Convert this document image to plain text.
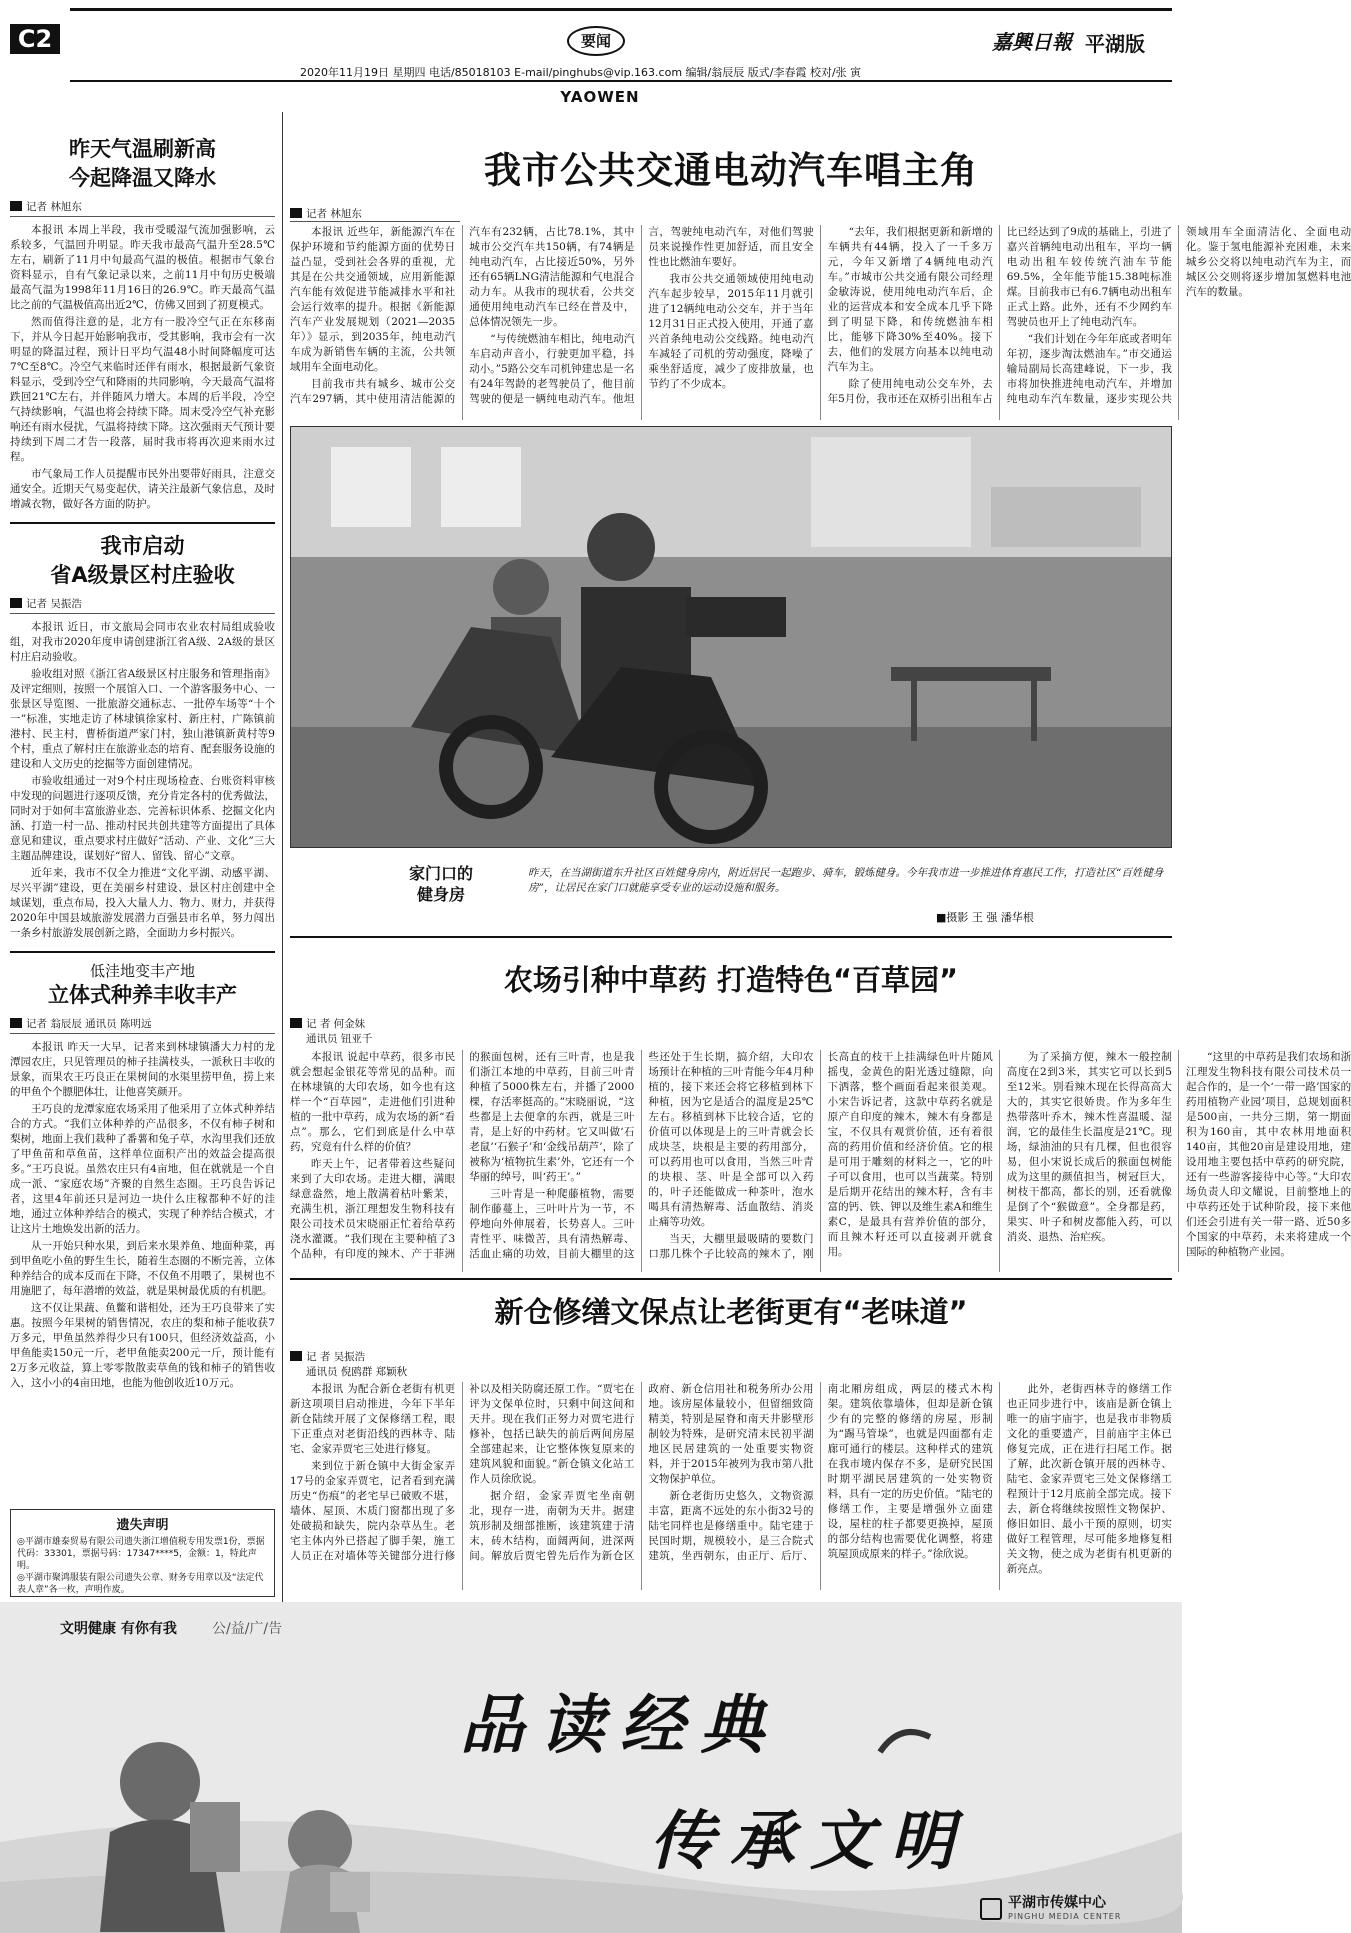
C2	要闻	嘉興日報 平湖版
2020年11月19日 星期四 电话/85018103 E-mail/pinghubs@vip.163.com 编辑/翁辰辰 版式/李春霞 校对/张 寅
YAOWEN
昨天气温刷新高
今起降温又降水
记者 林旭东

本报讯 本周上半段，我市受暖湿气流加强影响，云系较多，气温回升明显。昨天我市最高气温升至28.5℃左右，刷新了11月中旬最高气温的极值。根据市气象台资料显示，自有气象记录以来，之前11月中旬历史极端最高气温为1998年11月16日的26.9℃。昨天最高气温比之前的气温极值高出近2℃，仿佛又回到了初夏模式。

然而值得注意的是，北方有一股冷空气正在东移南下，并从今日起开始影响我市，受其影响，我市会有一次明显的降温过程，预计日平均气温48小时间降幅度可达7℃至8℃。冷空气来临时还伴有雨水，根据最新气象资料显示，受到冷空气和降雨的共同影响，今天最高气温将跌回21℃左右，并伴随风力增大。本周的后半段，冷空气持续影响，气温也将会持续下降。周末受冷空气补充影响还有雨水侵扰，气温将持续下降。这次强雨天气预计要持续到下周二才告一段落，届时我市将再次迎来雨水过程。

市气象局工作人员提醒市民外出要带好雨具，注意交通安全。近期天气易变起伏，请关注最新气象信息，及时增减衣物，做好各方面的防护。

我市启动
省A级景区村庄验收
记者 吴振浩

本报讯 近日，市文旅局会同市农业农村局组成验收组，对我市2020年度申请创建浙江省A级、2A级的景区村庄启动验收。

验收组对照《浙江省A级景区村庄服务和管理指南》及评定细则，按照一个展馆入口、一个游客服务中心、一张景区导览图、一批旅游交通标志、一批停车场等“十个一”标准，实地走访了林埭镇徐家村、新庄村，广陈镇前港村、民主村，曹桥街道严家门村，独山港镇新黄村等9个村，重点了解村庄在旅游业态的培育、配套服务设施的建设和人文历史的挖掘等方面创建情况。

市验收组通过一对9个村庄现场检查、台账资料审核中发现的问题进行逐项反馈，充分肯定各村的优秀做法，同时对于如何丰富旅游业态、完善标识体系、挖掘文化内涵、打造一村一品、推动村民共创共建等方面提出了具体意见和建议，重点要求村庄做好“活动、产业、文化”三大主题品牌建设，谋划好“留人、留钱、留心”文章。

近年来，我市不仅全力推进“文化平湖、动感平湖、尽兴平湖”建设，更在美丽乡村建设、景区村庄创建中全域谋划，重点布局，投入大量人力、物力、财力，并获得2020年中国县域旅游发展潜力百强县市名单，努力闯出一条乡村旅游发展创新之路，全面助力乡村振兴。

低洼地变丰产地
立体式种养丰收丰产
记者 翁辰辰 通讯员 陈明远

本报讯 昨天一大早，记者来到林埭镇潘大力村的龙潭园农庄，只见管理员的柿子挂满枝头，一派秋日丰收的景象，而果农王巧良正在果树间的水渠里捞甲鱼，捞上来的甲鱼个个膘肥体壮，让他喜笑颜开。

王巧良的龙潭家庭农场采用了他采用了立体式种养结合的方式。“我们立体种养的产品很多，不仅有柿子树和梨树，地面上我们栽种了番薯和兔子草，水沟里我们还放了甲鱼苗和草鱼苗，这样单位面积产出的效益会提高很多。”王巧良说。虽然农庄只有4亩地，但在就就是一个自成一派、“家庭农场”齐聚的自然生态圈。王巧良告诉记者，这里4年前还只是河边一块什么庄稼都种不好的洼地，通过立体种养结合的模式，实现了种养结合模式，才让这片土地焕发出新的活力。

从一开始只种水果，到后来水果养鱼、地面种菜，再到甲鱼吃小鱼的野生生长，随着生态圈的不断完善，立体种养结合的成本反而在下降，不仅鱼不用喂了，果树也不用施肥了，每年潜增的效益，就是果树最优质的有机肥。

这不仅让果蔬、鱼鳖和谐相处，还为王巧良带来了实惠。按照今年果树的销售情况，农庄的梨和柿子能收获7万多元，甲鱼虽然养得少只有100只，但经济效益高，小甲鱼能卖150元一斤，老甲鱼能卖200元一斤，预计能有2万多元收益，算上零零散散卖草鱼的钱和柿子的销售收入，这小小的4亩田地，也能为他创收近10万元。

遗失声明
◎平湖市雄泰贸易有限公司遗失浙江增值税专用发票1份，票据代码：33301，票据号码：17347****5，金额：1，特此声明。
◎平湖市聚鸿服装有限公司遗失公章、财务专用章以及“法定代表人章”各一枚，声明作废。
我市公共交通电动汽车唱主角
记者 林旭东

本报讯 近些年，新能源汽车在保护环境和节约能源方面的优势日益凸显，受到社会各界的重视，尤其是在公共交通领域，应用新能源汽车能有效促进节能减排水平和社会运行效率的提升。根据《新能源汽车产业发展规划（2021—2035年）》显示，到2035年，纯电动汽车成为新销售车辆的主流，公共领域用车全面电动化。

目前我市共有城乡、城市公交汽车297辆，其中使用清洁能源的汽车有232辆，占比78.1%，其中城市公交汽车共150辆，有74辆是纯电动汽车，占比接近50%，另外还有65辆LNG清洁能源和气电混合动力车。从我市的现状看，公共交通使用纯电动汽车已经在普及中，总体情况领先一步。

“与传统燃油车相比，纯电动汽车启动声音小，行驶更加平稳，抖动小。”5路公交车司机钟建忠是一名有24年驾龄的老驾驶员了，他目前驾驶的便是一辆纯电动汽车。他坦言，驾驶纯电动汽车，对他们驾驶员来说操作性更加舒适，而且安全性也比燃油车要好。

我市公共交通领域使用纯电动汽车起步较早，2015年11月就引进了12辆纯电动公交车，并于当年12月31日正式投入使用，开通了嘉兴首条纯电动公交线路。纯电动汽车减轻了司机的劳动强度，降噪了乘坐舒适度，减少了废排放量，也节约了不少成本。

“去年，我们根据更新和新增的车辆共有44辆，投入了一千多万元，今年又新增了4辆纯电动汽车。”市城市公共交通有限公司经理金敏涛说，使用纯电动汽车后，企业的运营成本和安全成本几乎下降到了明显下降，和传统燃油车相比，能够下降30%至40%。接下去，他们的发展方向基本以纯电动汽车为主。

除了使用纯电动公交车外，去年5月份，我市还在双桥引出租车占比已经达到了9成的基础上，引进了嘉兴首辆纯电动出租车，平均一辆电动出租车较传统汽油车节能69.5%，全年能节能15.38吨标准煤。目前我市已有6.7辆电动出租车正式上路。此外，还有不少网约车驾驶员也开上了纯电动汽车。

“我们计划在今年年底或者明年年初，逐步淘汰燃油车。”市交通运输局副局长高建峰说，下一步，我市将加快推进纯电动汽车，并增加纯电动车汽车数量，逐步实现公共领域用车全面清洁化、全面电动化。鉴于氢电能源补充困难，未来城乡公交将以纯电动汽车为主，而城区公交则将逐步增加氢燃料电池汽车的数量。

家门口的健身房
昨天，在当湖街道东升社区百姓健身房内，附近居民一起跑步、骑车，锻炼健身。今年我市进一步推进体育惠民工作，打造社区“百姓健身房”，让居民在家门口就能享受专业的运动设施和服务。
■摄影 王 强 潘华根
农场引种中草药 打造特色“百草园”
记 者 何金妹
通讯员 钮亚千

本报讯 说起中草药，很多市民就会想起金银花等常见的品种。而在林埭镇的大印农场，如今也有这样一个“百草园”，走进他们引进种植的一批中草药，成为农场的新“看点”。那么，它们到底是什么中草药，究竟有什么样的价值？

昨天上午，记者带着这些疑问来到了大印农场。走进大棚，满眼绿意盎然，地上散满着枯叶紫茉，充满生机，浙江理想发生物科技有限公司技术员宋晓丽正忙着给草药浇水灌溉。“我们现在主要种植了3个品种，有印度的辣木、产于菲洲的猴面包树，还有三叶青，也是我们浙江本地的中草药，目前三叶青种植了5000株左右，并播了2000棵，存活率挺高的。”宋晓丽说，“这些都是上去便拿的东西，就是三叶青，是上好的中药材。它又叫做‘石老鼠’‘石猴子’和‘金线吊葫芦’，除了被称为‘植物抗生素’外，它还有一个华丽的绰号，叫‘药王’。”

三叶青是一种爬藤植物，需要制作藤蔓上，三叶叶片为一节，不停地向外伸展着，长势喜人。三叶青性平、味微苦，具有清热解毒、活血止痛的功效，目前大棚里的这些还处于生长期，搞介绍，大印农场预计在种植的三叶青能今年4月种植的，接下来还会将它移植到林下种植，因为它是适合的温度是25℃左右。移植到林下比较合适，它的价值可以体现是上的三叶青就会长成块茎，块根是主要的药用部分，可以药用也可以食用，当然三叶青的块根、茎、叶是全部可以入药的，叶子还能做成一种茶叶，泡水喝具有清热解毒、活血散结、消炎止痛等功效。

当天，大棚里最吸睛的要数门口那几株个子比较高的辣木了，刚长高直的枝干上挂满绿色叶片随风摇曳，金黄色的阳光透过缝隙，向下洒落，整个画面看起来很美观。小宋告诉记者，这款中草药名就是原产自印度的辣木，辣木有身都是宝，不仅具有观赏价值，还有着很高的药用价值和经济价值。它的根是可用于雕刻的材料之一，它的叶子可以食用，也可以当蔬菜。特别是后期开花结出的辣木籽，含有丰富的钙、铁、钾以及维生素A和维生素C，是最具有营养价值的部分，而且辣木籽还可以直接剥开就食用。

为了采摘方便，辣木一般控制高度在2到3米，其实它可以长到5至12米。别看辣木现在长得高高大大的，其实它很娇贵。作为多年生热带落叶乔木，辣木性喜温暖、湿润，它的最佳生长温度是21℃。现场，绿油油的只有几棵，但也很容易，但小宋说长成后的猴面包树能成为这里的颜值担当，树冠巨大，树枝干都高，都长的别，还看就像是倒了个“猴做意”。全身都是药，果实、叶子和树皮都能入药，可以消炎、退热、治疟疾。

“这里的中草药是我们农场和浙江理发生物科技有限公司技术员一起合作的，是一个‘一带一路’国家的药用植物产业园’项目，总规划面积是500亩，一共分三期，第一期面积为160亩，其中农林用地面积140亩，其他20亩是建设用地，建设用地主要包括中草药的研究院，还有一些游客接待中心等。”大印农场负责人印文耀说，目前整地上的中草药还处于试种阶段，接下来他们还会引进有关一带一路、近50多个国家的中草药，未来将建成一个国际的种植物产业园。

新仓修缮文保点让老街更有“老味道”
记 者 吴振浩
通讯员 倪鸥群 郑颖秋

本报讯 为配合新仓老街有机更新这项项目启动推进，今年下半年新仓陆续开展了文保修缮工程，眼下正重点对老街沿线的西林寺、陆宅、金家弄贾宅三处进行修复。

来到位于新仓镇中大街金家弄17号的金家弄贾宅，记者看到充满历史“伤痕”的老宅早已破败不堪，墙体、屋顶、木质门窗都出现了多处破损和缺失，院内杂草丛生。老宅主体内外已搭起了脚手架，施工人员正在对墙体等关键部分进行修补以及相关防腐还原工作。“贾宅在评为文保单位时，只剩中间这间和天井。现在我们正努力对贾宅进行修补，包括已缺失的前后两间房屋全部建起来，让它整体恢复原来的建筑风貌和面貌。”新仓镇文化站工作人员徐欣说。

据介绍，金家弄贾宅坐南朝北，现存一进，南朝为天井。据建筑形制及细部推断，该建筑建于清末，砖木结构，面阔两间，进深两间。解放后贾宅曾先后作为新仓区政府、新仓信用社和税务所办公用地。该房屋体量较小，但留细致筒精美，特别是屋脊和南天井影壁形制较为特殊，是研究清末民初平湖地区民居建筑的一处重要实物资料，并于2015年被列为我市第八批文物保护单位。

新仓老街历史悠久，文物资源丰富，距离不远处的东小街32号的陆宅同样也是修缮重中。陆宅建于民国时期，规模较小，是三合院式建筑，坐西朝东，由正厅、后厅、南北厢房组成，两层的楼式木构架。建筑依靠墙体，但却是新仓镇少有的完整的修缮的房屋，形制为“踢马管垛”，也就是四面都有走廊可通行的楼层。这种样式的建筑在我市境内保存不多，是研究民国时期平湖民居建筑的一处实物资料，具有一定的历史价值。“陆宅的修缮工作，主要是增强外立面建设，屋柱的柱子都要更换掉，屋顶的部分结构也需要优化调整，将建筑屋顶成原来的样子。”徐欣说。

此外，老街西林寺的修缮工作也正同步进行中，该庙是新仓镇上唯一的庙宇庙宇，也是我市非物质文化的重要遗产，目前庙宇主体已修复完成，正在进行扫尾工作。据了解，此次新仓镇开展的西林寺、陆宅、金家弄贾宅三处文保修缮工程预计于12月底前全部完成。接下去，新仓将继续按照性文物保护、修旧如旧、最小干预的原则，切实做好工程管理，尽可能多地修复相关文物，使之成为老街有机更新的新亮点。

文明健康 有你有我	公/益/广/告
品读经典
传承文明
平湖市传媒中心
PINGHU MEDIA CENTER
